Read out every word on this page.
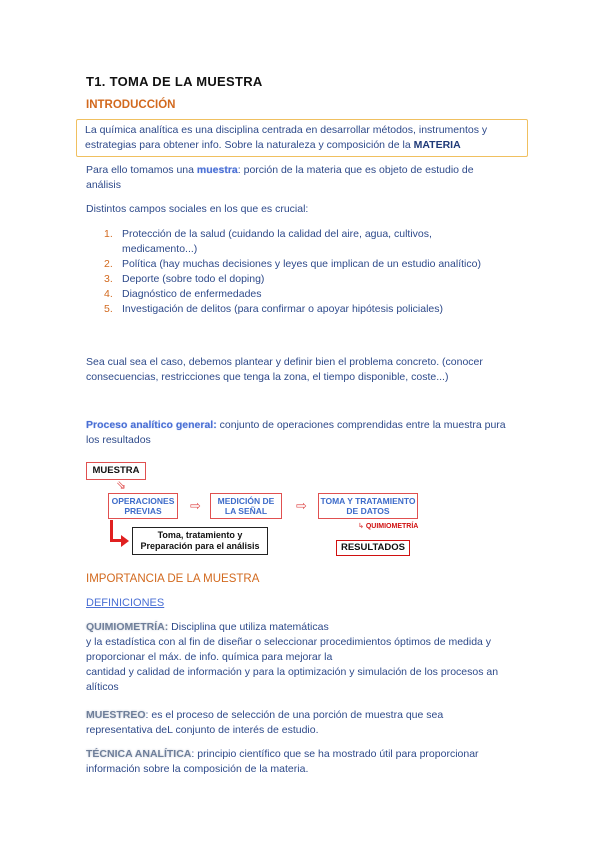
T1. TOMA DE LA MUESTRA
INTRODUCCIÓN
La química analítica es una disciplina centrada en desarrollar métodos, instrumentos y
estrategias para obtener info. Sobre la naturaleza y composición de la MATERIA
Para ello tomamos una muestra: porción de la materia que es objeto de estudio de
análisis
Distintos campos sociales en los que es crucial:
1. Protección de la salud (cuidando la calidad del aire, agua, cultivos,
medicamento...)
2. Política (hay muchas decisiones y leyes que implican de un estudio analítico)
3. Deporte (sobre todo el doping)
4. Diagnóstico de enfermedades
5. Investigación de delitos (para confirmar o apoyar hipótesis policiales)
Sea cual sea el caso, debemos plantear y definir bien el problema concreto. (conocer
consecuencias, restricciones que tenga la zona, el tiempo disponible, coste...)
Proceso analítico general: conjunto de operaciones comprendidas entre la muestra pura
los resultados
MUESTRA
⇘
OPERACIONES
PREVIAS ⇨ MEDICIÓN DE
LA SEÑAL ⇨ TOMA Y TRATAMIENTO
DE DATOS
↳ QUIMIOMETRÍA
RESULTADOS
Toma, tratamiento y
Preparación para el análisis
IMPORTANCIA DE LA MUESTRA
DEFINICIONES
QUIMIOMETRÍA: Disciplina que utiliza matemáticas
y la estadística con al fin de diseñar o seleccionar procedimientos óptimos de medida y
proporcionar el máx. de info. química para mejorar la
cantidad y calidad de información y para la optimización y simulación de los procesos an
alíticos
MUESTREO: es el proceso de selección de una porción de muestra que sea
representativa deL conjunto de interés de estudio.
TÉCNICA ANALÍTICA: principio científico que se ha mostrado útil para proporcionar
información sobre la composición de la materia.
